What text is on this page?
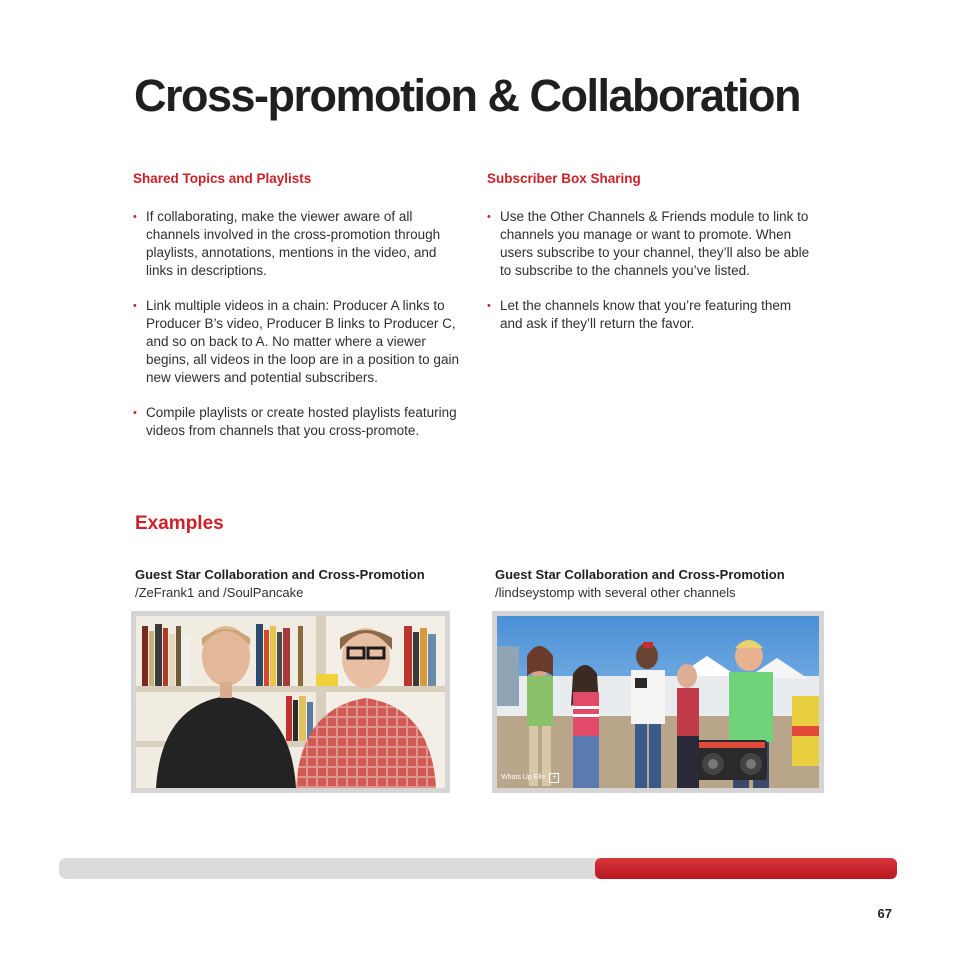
Cross-promotion & Collaboration
Shared Topics and Playlists
• If collaborating, make the viewer aware of all channels involved in the cross-promotion through playlists, annotations, mentions in the video, and links in descriptions.
• Link multiple videos in a chain: Producer A links to Producer B’s video, Producer B links to Producer C, and so on back to A. No matter where a viewer begins, all videos in the loop are in a position to gain new viewers and potential subscribers.
• Compile playlists or create hosted playlists featuring videos from channels that you cross-promote.
Subscriber Box Sharing
• Use the Other Channels & Friends module to link to channels you manage or want to promote. When users subscribe to your channel, they’ll also be able to subscribe to the channels you’ve listed.
• Let the channels know that you’re featuring them and ask if they’ll return the favor.
Examples
Guest Star Collaboration and Cross-Promotion
/ZeFrank1 and /SoulPancake
Guest Star Collaboration and Cross-Promotion
/lindseystomp with several other channels
Whats Up Elle +
67
